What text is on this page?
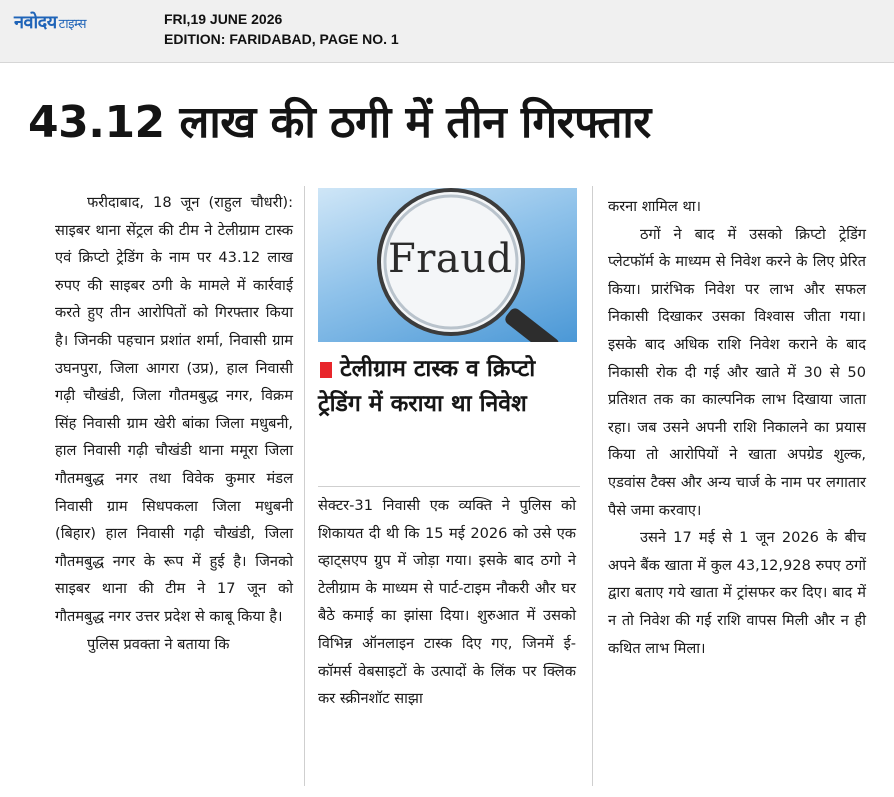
नवोदय टाइम्स	FRI,19 JUNE 2026
EDITION: FARIDABAD, PAGE NO. 1
43.12 लाख की ठगी में तीन गिरफ्तार

फरीदाबाद, 18 जून (राहुल चौधरी): साइबर थाना सेंट्रल की टीम ने टेलीग्राम टास्क एवं क्रिप्टो ट्रेडिंग के नाम पर 43.12 लाख रुपए की साइबर ठगी के मामले में कार्रवाई करते हुए तीन आरोपितों को गिरफ्तार किया है। जिनकी पहचान प्रशांत शर्मा, निवासी ग्राम उघनपुरा, जिला आगरा (उप्र), हाल निवासी गढ़ी चौखंडी, जिला गौतमबुद्ध नगर, विक्रम सिंह निवासी ग्राम खेरी बांका जिला मधुबनी, हाल निवासी गढ़ी चौखंडी थाना ममूरा जिला गौतमबुद्ध नगर तथा विवेक कुमार मंडल निवासी ग्राम सिधपकला जिला मधुबनी (बिहार) हाल निवासी गढ़ी चौखंडी, जिला गौतमबुद्ध नगर के रूप में हुई है। जिनको साइबर थाना की टीम ने 17 जून को गौतमबुद्ध नगर उत्तर प्रदेश से काबू किया है।

पुलिस प्रवक्ता ने बताया कि

Fraud
टेलीग्राम टास्क व क्रिप्टो ट्रेडिंग में कराया था निवेश

सेक्टर-31 निवासी एक व्यक्ति ने पुलिस को शिकायत दी थी कि 15 मई 2026 को उसे एक व्हाट्सएप ग्रुप में जोड़ा गया। इसके बाद ठगो ने टेलीग्राम के माध्यम से पार्ट-टाइम नौकरी और घर बैठे कमाई का झांसा दिया। शुरुआत में उसको विभिन्न ऑनलाइन टास्क दिए गए, जिनमें ई-कॉमर्स वेबसाइटों के उत्पादों के लिंक पर क्लिक कर स्क्रीनशॉट साझा

करना शामिल था।

ठगों ने बाद में उसको क्रिप्टो ट्रेडिंग प्लेटफॉर्म के माध्यम से निवेश करने के लिए प्रेरित किया। प्रारंभिक निवेश पर लाभ और सफल निकासी दिखाकर उसका विश्वास जीता गया। इसके बाद अधिक राशि निवेश कराने के बाद निकासी रोक दी गई और खाते में 30 से 50 प्रतिशत तक का काल्पनिक लाभ दिखाया जाता रहा। जब उसने अपनी राशि निकालने का प्रयास किया तो आरोपियों ने खाता अपग्रेड शुल्क, एडवांस टैक्स और अन्य चार्ज के नाम पर लगातार पैसे जमा करवाए।

उसने 17 मई से 1 जून 2026 के बीच अपने बैंक खाता में कुल 43,12,928 रुपए ठगों द्वारा बताए गये खाता में ट्रांसफर कर दिए। बाद में न तो निवेश की गई राशि वापस मिली और न ही कथित लाभ मिला।
